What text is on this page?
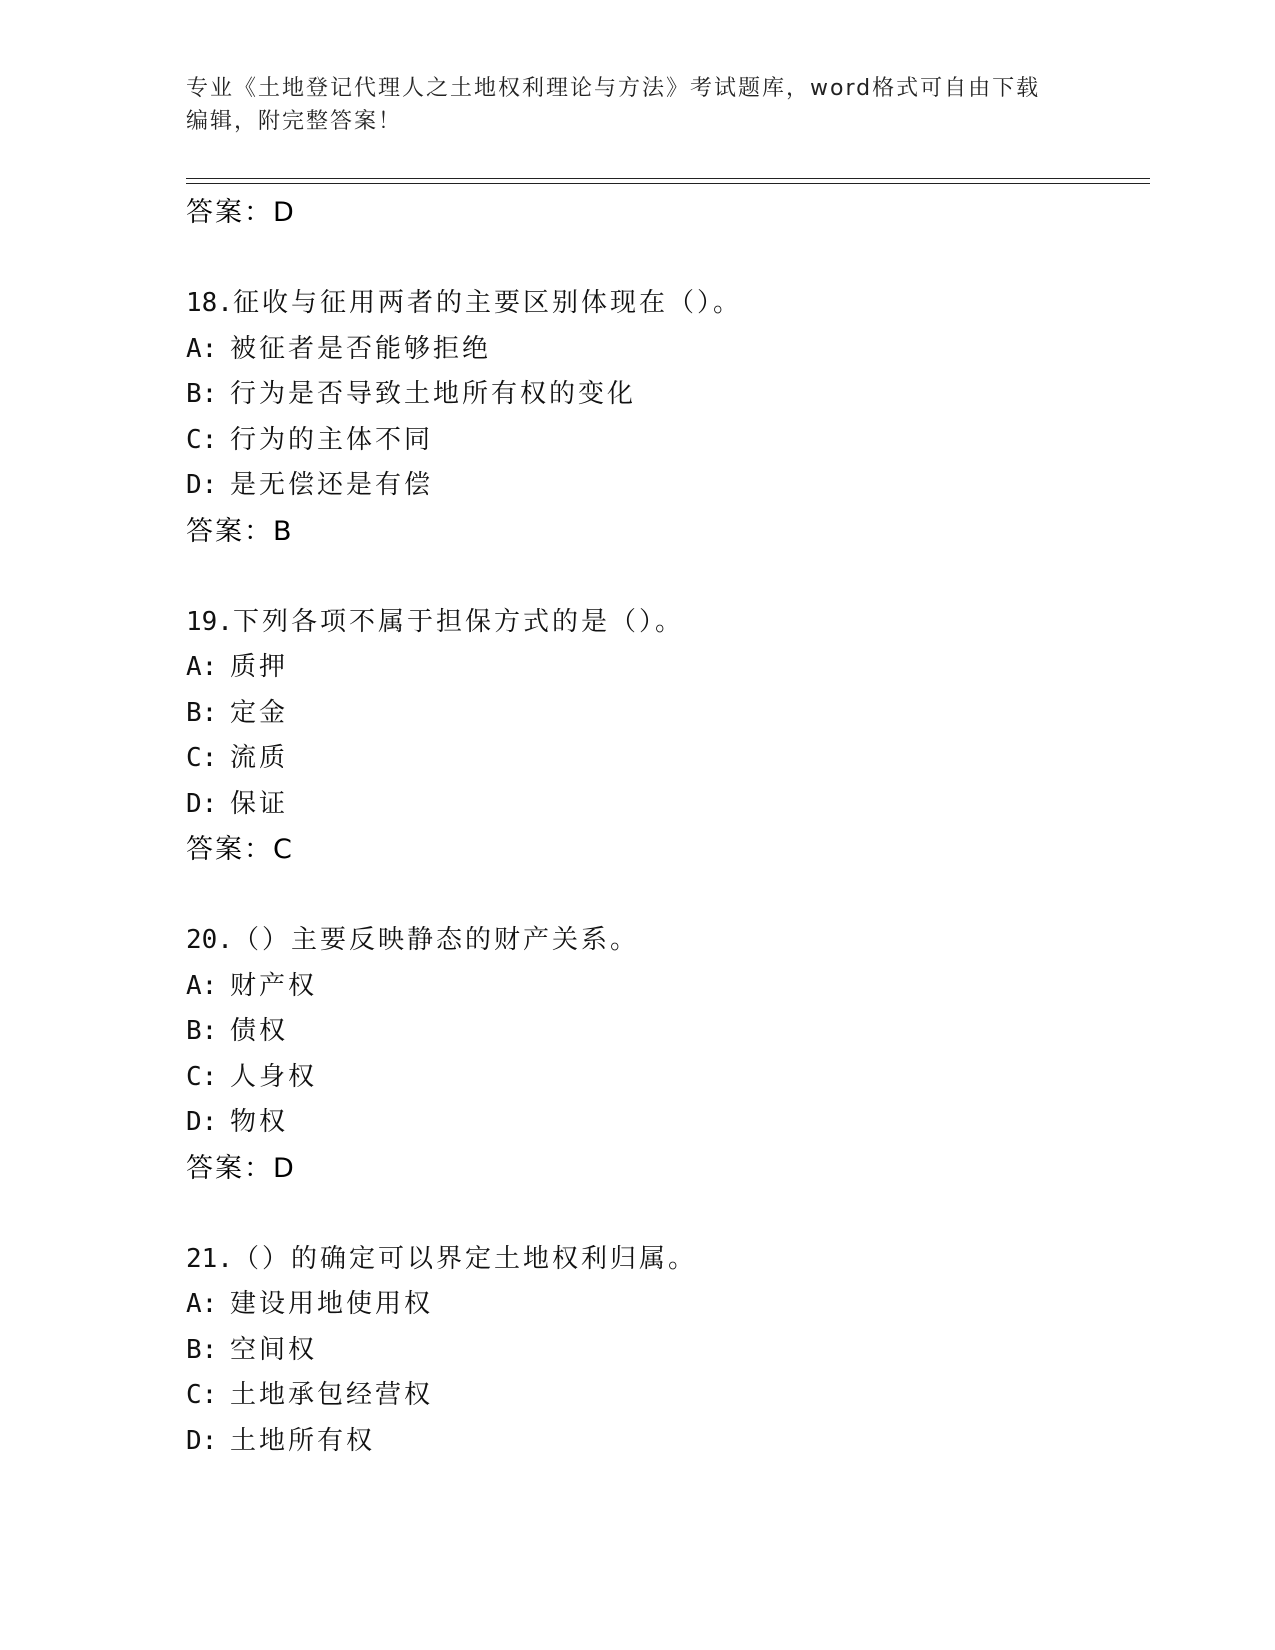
专业《土地登记代理人之土地权利理论与方法》考试题库，word格式可自由下载
编辑，附完整答案！
答案：D
18.征收与征用两者的主要区别体现在（）。
A: 被征者是否能够拒绝
B: 行为是否导致土地所有权的变化
C: 行为的主体不同
D: 是无偿还是有偿
答案：B
19.下列各项不属于担保方式的是（）。
A: 质押
B: 定金
C: 流质
D: 保证
答案：C
20.（）主要反映静态的财产关系。
A: 财产权
B: 债权
C: 人身权
D: 物权
答案：D
21.（）的确定可以界定土地权利归属。
A: 建设用地使用权
B: 空间权
C: 土地承包经营权
D: 土地所有权
